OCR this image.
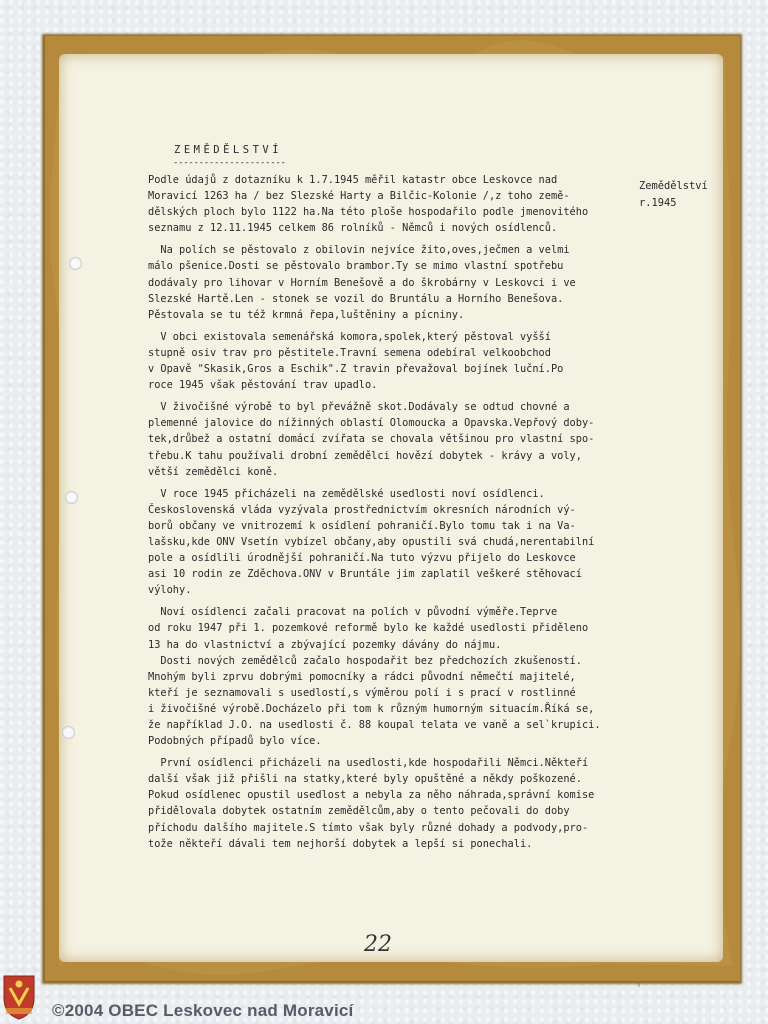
ZEMĚDĚLSTVÍ
----------------------
Zemědělství
r.1945

Podle údajů z dotazníku k 1.7.1945 měřil katastr obce Leskovce nad
Moravicí 1263 ha / bez Slezské Harty a Bilčic-Kolonie /,z toho země-
dělských ploch bylo 1122 ha.Na této ploše hospodařilo podle jmenovitého
seznamu z 12.11.1945 celkem 86 rolníků - Němců i nových osídlenců.

Na polích se pěstovalo z obilovin nejvíce žito,oves,ječmen a velmi
málo pšenice.Dosti se pěstovalo brambor.Ty se mimo vlastní spotřebu
dodávaly pro lihovar v Horním Benešově a do škrobárny v Leskovci i ve
Slezské Hartě.Len - stonek se vozil do Bruntálu a Horního Benešova.
Pěstovala se tu též krmná řepa,luštěniny a pícniny.

V obci existovala semenářská komora,spolek,který pěstoval vyšší
stupně osiv trav pro pěstitele.Travní semena odebíral velkoobchod
v Opavě "Skasik,Gros a Eschik".Z travin převažoval bojínek luční.Po
roce 1945 však pěstování trav upadlo.

V živočišné výrobě to byl převážně skot.Dodávaly se odtud chovné a
plemenné jalovice do nížinných oblastí Olomoucka a Opavska.Vepřový doby-
tek,drůbež a ostatní domácí zvířata se chovala většinou pro vlastní spo-
třebu.K tahu používali drobní zemědělci hovězí dobytek - krávy a voly,
větší zemědělci koně.

V roce 1945 přicházeli na zemědělské usedlosti noví osídlenci.
Československá vláda vyzývala prostřednictvím okresních národních vý-
borů občany ve vnitrozemí k osídlení pohraničí.Bylo tomu tak i na Va-
lašsku,kde ONV Vsetín vybízel občany,aby opustili svá chudá,nerentabilní
pole a osídlili úrodnější pohraničí.Na tuto výzvu přijelo do Leskovce
asi 10 rodin ze Zděchova.ONV v Bruntále jim zaplatil veškeré stěhovací
výlohy.

Noví osídlenci začali pracovat na polích v původní výměře.Teprve
od roku 1947 při 1. pozemkové reformě bylo ke každé usedlosti přiděleno
13 ha do vlastnictví a zbývající pozemky dávány do nájmu.
Dosti nových zemědělců začalo hospodařit bez předchozích zkušeností.
Mnohým byli zprvu dobrými pomocníky a rádci původní němečtí majitelé,
kteří je seznamovali s usedlostí,s výměrou polí i s prací v rostlinné
i živočišné výrobě.Docházelo při tom k různým humorným situacím.Říká se,
že například J.O. na usedlosti č. 88 koupal telata ve vaně a sel`krupici.
Podobných případů bylo více.

První osídlenci přicházeli na usedlosti,kde hospodařili Němci.Někteří
další však již přišli na statky,které byly opuštěné a někdy poškozené.
Pokud osídlenec opustil usedlost a nebyla za něho náhrada,správní komise
přidělovala dobytek ostatním zemědělcům,aby o tento pečovali do doby
příchodu dalšího majitele.S tímto však byly různé dohady a podvody,pro-
tože někteří dávali tem nejhorší dobytek a lepší si ponechali.

22
ı
©2004 OBEC Leskovec nad Moravicí
